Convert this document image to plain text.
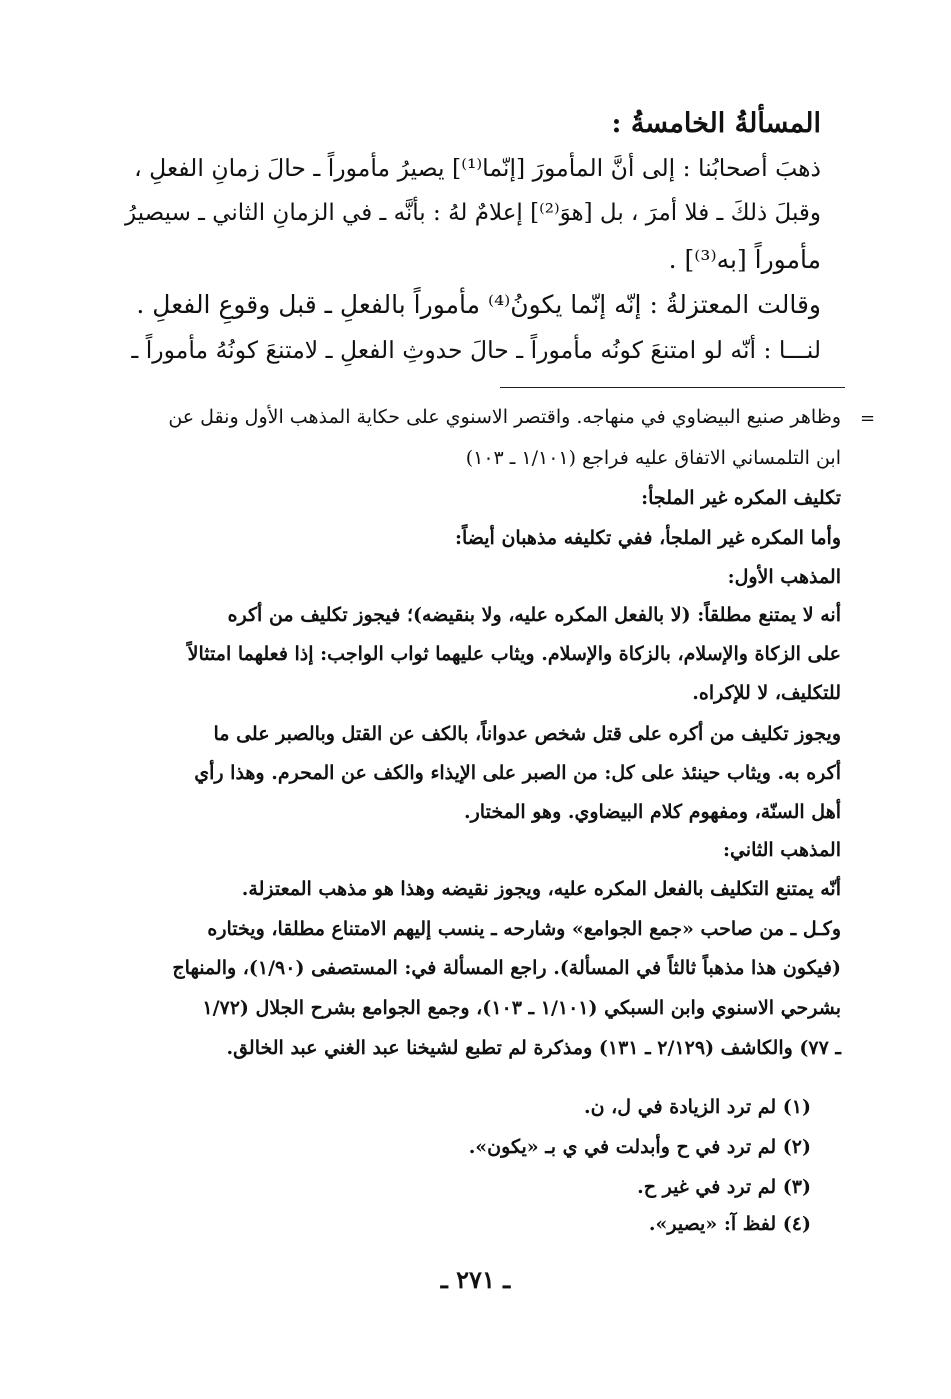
المسألةُ الخامسةُ :
ذهبَ أصحابُنا : إلى أنَّ المأمورَ [إنّما⁽¹⁾] يصيرُ مأموراً ـ حالَ زمانِ الفعلِ ،
وقبلَ ذلكَ ـ فلا أمرَ ، بل [هوَ⁽²⁾] إعلامٌ لهُ : بأنَّه ـ في الزمانِ الثاني ـ سيصيرُ
مأموراً [به⁽³⁾] .
وقالت المعتزلةُ : إنّه إنّما يكونُ⁽⁴⁾ مأموراً بالفعلِ ـ قبل وقوعِ الفعلِ .
لنـــا : أنّه لو امتنعَ كونُه مأموراً ـ حالَ حدوثِ الفعلِ ـ لامتنعَ كونُهُ مأموراً ـ
=
وظاهر صنيع البيضاوي في منهاجه. واقتصر الاسنوي على حكاية المذهب الأول ونقل عن
ابن التلمساني الاتفاق عليه فراجع (١/١٠١ ـ ١٠٣)
تكليف المكره غير الملجأ:
وأما المكره غير الملجأ، ففي تكليفه مذهبان أيضاً:
المذهب الأول:
أنه لا يمتنع مطلقاً: (لا بالفعل المكره عليه، ولا بنقيضه)؛ فيجوز تكليف من أكره
على الزكاة والإسلام، بالزكاة والإسلام. ويثاب عليهما ثواب الواجب: إذا فعلهما امتثالاً
للتكليف، لا للإكراه.
ويجوز تكليف من أكره على قتل شخص عدواناً، بالكف عن القتل وبالصبر على ما
أكره به. ويثاب حينئذ على كل: من الصبر على الإيذاء والكف عن المحرم. وهذا رأي
أهل السنّة، ومفهوم كلام البيضاوي. وهو المختار.
المذهب الثاني:
أنّه يمتنع التكليف بالفعل المكره عليه، ويجوز نقيضه وهذا هو مذهب المعتزلة.
وكـل ـ من صاحب «جمع الجوامع» وشارحه ـ ينسب إليهم الامتناع مطلقا، ويختاره
(فيكون هذا مذهباً ثالثاً في المسألة). راجع المسألة في: المستصفى (١/٩٠)، والمنهاج
بشرحي الاسنوي وابن السبكي (١/١٠١ ـ ١٠٣)، وجمع الجوامع بشرح الجلال (١/٧٢
ـ ٧٧) والكاشف (٢/١٢٩ ـ ١٣١) ومذكرة لم تطبع لشيخنا عبد الغني عبد الخالق.
(١) لم ترد الزيادة في ل، ن.
(٢) لم ترد في ح وأبدلت في ي بـ «يكون».
(٣) لم ترد في غير ح.
(٤) لفظ آ: «يصير».
ـ ٢٧١ ـ
